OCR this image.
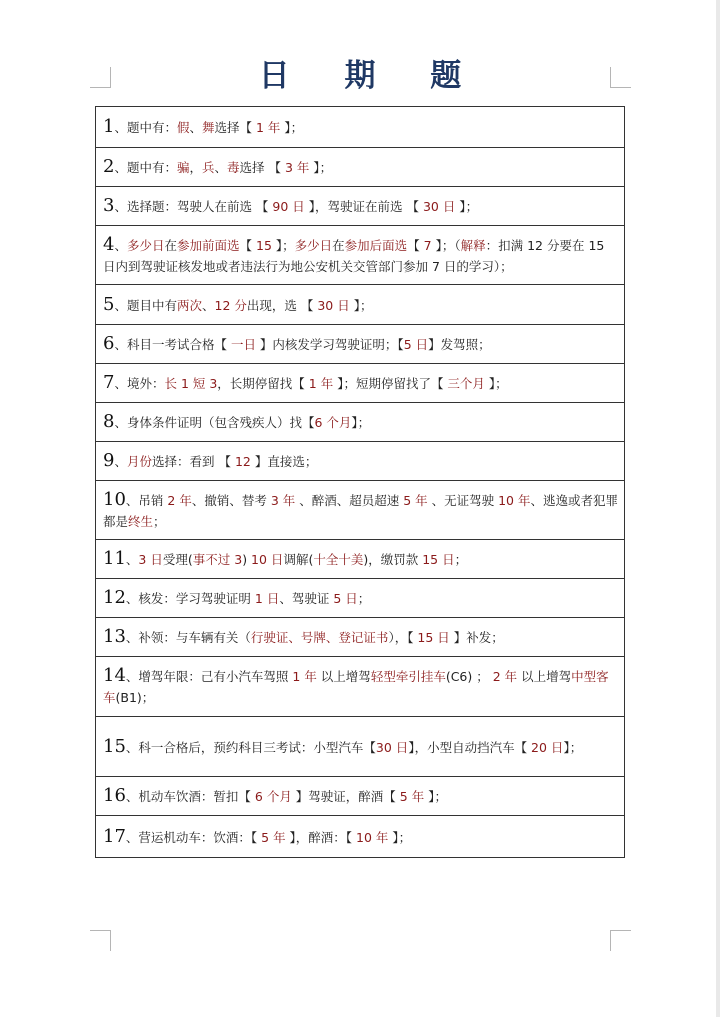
日 期 题
1、题中有：假、舞选择【 1 年 】；
2、题中有：骗，兵、毒选择 【 3 年 】；
3、选择题：驾驶人在前选 【 90 日 】，驾驶证在前选 【 30 日 】；
4、多少日在参加前面选【 15 】；多少日在参加后面选【 7 】；（解释：扣满 12 分要在 15 日内到驾驶证核发地或者违法行为地公安机关交管部门参加 7 日的学习）；
5、题目中有两次、12 分出现，选 【 30 日 】；
6、科目一考试合格【 一日 】内核发学习驾驶证明；【5 日】发驾照；
7、境外：长 1 短 3，长期停留找【 1 年 】；短期停留找了【 三个月 】；
8、身体条件证明（包含残疾人）找【6 个月】；
9、月份选择：看到 【 12 】直接选；
10、吊销 2 年、撤销、替考 3 年 、醉酒、超员超速 5 年 、无证驾驶 10 年、逃逸或者犯罪都是终生；
11、3 日受理(事不过 3) 10 日调解(十全十美)，缴罚款 15 日；
12、核发：学习驾驶证明 1 日、驾驶证 5 日；
13、补领：与车辆有关（行驶证、号牌、登记证书），【 15 日 】补发；
14、增驾年限：己有小汽车驾照 1 年 以上增驾轻型牵引挂车(C6) ； 2 年 以上增驾中型客车(B1)；
15、科一合格后，预约科目三考试：小型汽车【30 日】，小型自动挡汽车【 20 日】；
16、机动车饮酒：暂扣【 6 个月 】驾驶证，醉酒【 5 年 】；
17、营运机动车：饮酒：【 5 年 】，醉酒：【 10 年 】；
